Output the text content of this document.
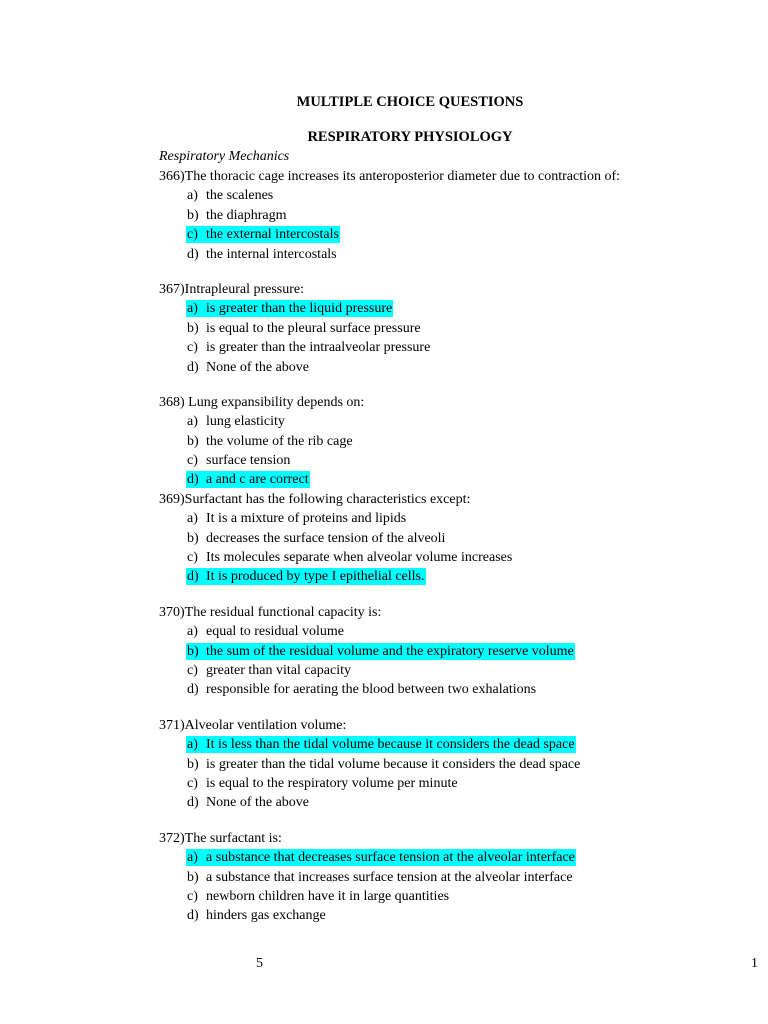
MULTIPLE CHOICE QUESTIONS
RESPIRATORY PHYSIOLOGY
Respiratory Mechanics
366)The thoracic cage increases its anteroposterior diameter due to contraction of:
a) the scalenes
b) the diaphragm
c) the external intercostals
d) the internal intercostals
367)Intrapleural pressure:
a) is greater than the liquid pressure
b) is equal to the pleural surface pressure
c) is greater than the intraalveolar pressure
d) None of the above
368) Lung expansibility depends on:
a) lung elasticity
b) the volume of the rib cage
c) surface tension
d) a and c are correct
369)Surfactant has the following characteristics except:
a) It is a mixture of proteins and lipids
b) decreases the surface tension of the alveoli
c) Its molecules separate when alveolar volume increases
d) It is produced by type I epithelial cells.
370)The residual functional capacity is:
a) equal to residual volume
b) the sum of the residual volume and the expiratory reserve volume
c) greater than vital capacity
d) responsible for aerating the blood between two exhalations
371)Alveolar ventilation volume:
a) It is less than the tidal volume because it considers the dead space
b) is greater than the tidal volume because it considers the dead space
c) is equal to the respiratory volume per minute
d) None of the above
372)The surfactant is:
a) a substance that decreases surface tension at the alveolar interface
b) a substance that increases surface tension at the alveolar interface
c) newborn children have it in large quantities
d) hinders gas exchange
5	1
